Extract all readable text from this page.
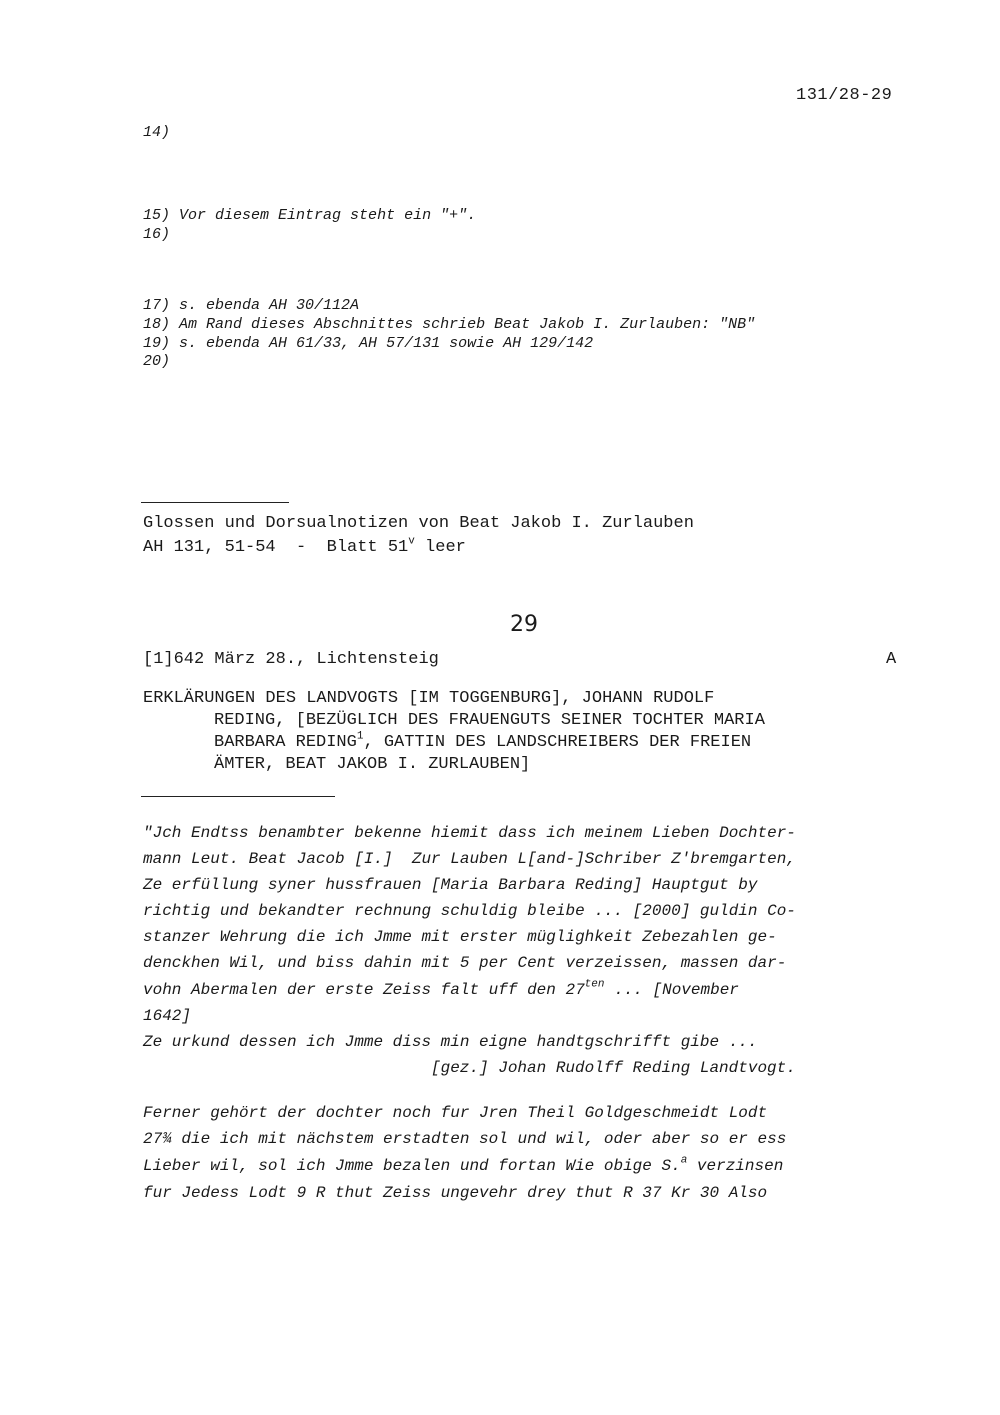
131/28-29
14)
15) Vor diesem Eintrag steht ein "+".
16)
17) s. ebenda AH 30/112A
18) Am Rand dieses Abschnittes schrieb Beat Jakob I. Zurlauben: "NB"
19) s. ebenda AH 61/33, AH 57/131 sowie AH 129/142
20)
Glossen und Dorsualnotizen von Beat Jakob I. Zurlauben
AH 131, 51-54  -  Blatt 51$^v$ leer
29
[1]642 März 28., Lichtensteig	A
ERKLÄRUNGEN DES LANDVOGTS [IM TOGGENBURG], JOHANN RUDOLF
REDING, [BEZÜGLICH DES FRAUENGUTS SEINER TOCHTER MARIA
BARBARA REDING$^1$, GATTIN DES LANDSCHREIBERS DER FREIEN
ÄMTER, BEAT JAKOB I. ZURLAUBEN]
"Jch Endtss benambter bekenne hiemit dass ich meinem Lieben Dochter-
mann Leut. Beat Jacob [I.]  Zur Lauben L[and-]Schriber Z'bremgarten,
Ze erfüllung syner hussfrauen [Maria Barbara Reding] Hauptgut by
richtig und bekandter rechnung schuldig bleibe ... [2000] guldin Co-
stanzer Wehrung die ich Jmme mit erster müglighkeit Zebezahlen ge-
denckhen Wil, und biss dahin mit 5 per Cent verzeissen, massen dar-
vohn Abermalen der erste Zeiss falt uff den $27^{ten}$ ... [November
1642]
Ze urkund dessen ich Jmme diss min eigne handtgschrifft gibe ...
[gez.] Johan Rudolff Reding Landtvogt.
Ferner gehört der dochter noch fur Jren Theil Goldgeschmeidt Lodt
27¾ die ich mit nächstem erstadten sol und wil, oder aber so er ess
Lieber wil, sol ich Jmme bezalen und fortan Wie obige S.$^a$ verzinsen
fur Jedess Lodt 9 R thut Zeiss ungevehr drey thut R 37 Kr 30 Also
